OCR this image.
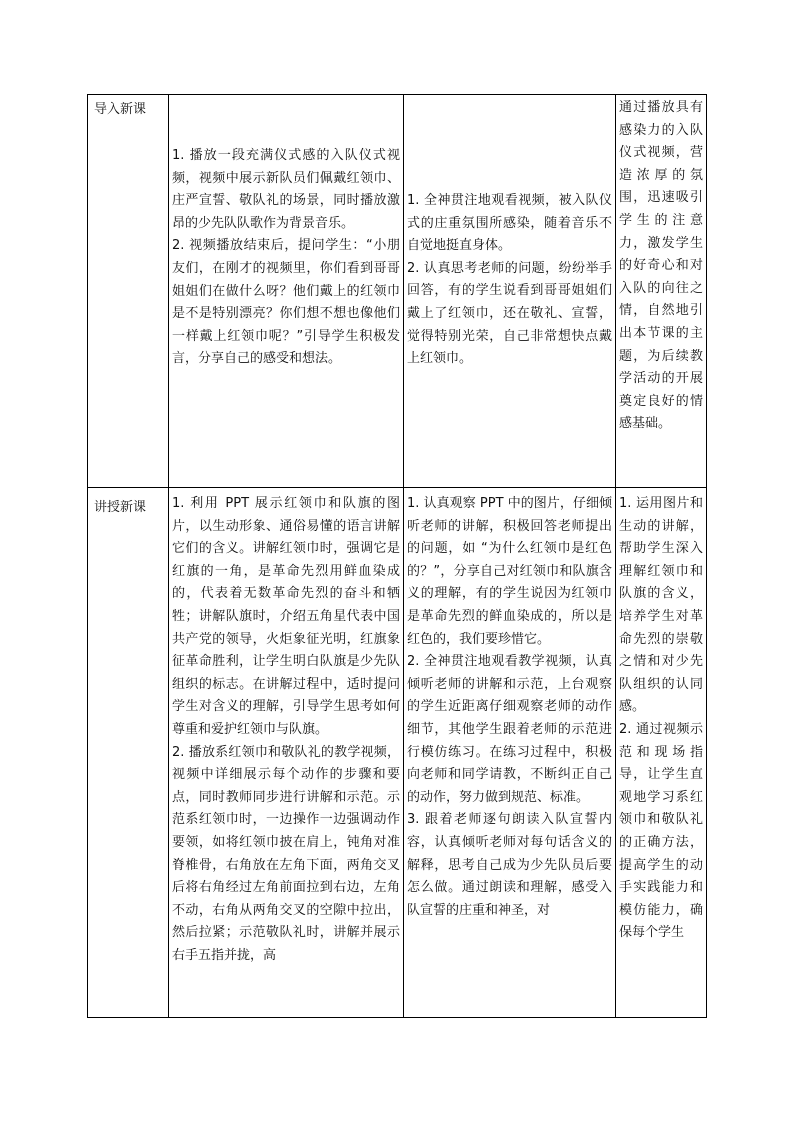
导入新课

1. 播放一段充满仪式感的入队仪式视频，视频中展示新队员们佩戴红领巾、庄严宣誓、敬队礼的场景，同时播放激昂的少先队队歌作为背景音乐。

2. 视频播放结束后，提问学生：“小朋友们，在刚才的视频里，你们看到哥哥姐姐们在做什么呀？他们戴上的红领巾是不是特别漂亮？你们想不想也像他们一样戴上红领巾呢？”引导学生积极发言，分享自己的感受和想法。

1. 全神贯注地观看视频，被入队仪式的庄重氛围所感染，随着音乐不自觉地挺直身体。

2. 认真思考老师的问题，纷纷举手回答，有的学生说看到哥哥姐姐们戴上了红领巾，还在敬礼、宣誓，觉得特别光荣，自己非常想快点戴上红领巾。

通过播放具有感染力的入队仪式视频，营造浓厚的氛围，迅速吸引学生的注意力，激发学生的好奇心和对入队的向往之情，自然地引出本节课的主题，为后续教学活动的开展奠定良好的情感基础。

讲授新课	1. 利用 PPT 展示红领巾和队旗的图片，以生动形象、通俗易懂的语言讲解它们的含义。讲解红领巾时，强调它是红旗的一角，是革命先烈用鲜血染成的，代表着无数革命先烈的奋斗和牺牲；讲解队旗时，介绍五角星代表中国共产党的领导，火炬象征光明，红旗象征革命胜利，让学生明白队旗是少先队组织的标志。在讲解过程中，适时提问学生对含义的理解，引导学生思考如何尊重和爱护红领巾与队旗。

2. 播放系红领巾和敬队礼的教学视频，视频中详细展示每个动作的步骤和要点，同时教师同步进行讲解和示范。示范系红领巾时，一边操作一边强调动作要领，如将红领巾披在肩上，钝角对准脊椎骨，右角放在左角下面，两角交叉后将右角经过左角前面拉到右边，左角不动，右角从两角交叉的空隙中拉出，然后拉紧；示范敬队礼时，讲解并展示右手五指并拢，高

1. 认真观察 PPT 中的图片，仔细倾听老师的讲解，积极回答老师提出的问题，如 “为什么红领巾是红色的？”，分享自己对红领巾和队旗含义的理解，有的学生说因为红领巾是革命先烈的鲜血染成的，所以是红色的，我们要珍惜它。

2. 全神贯注地观看教学视频，认真倾听老师的讲解和示范，上台观察的学生近距离仔细观察老师的动作细节，其他学生跟着老师的示范进行模仿练习。在练习过程中，积极向老师和同学请教，不断纠正自己的动作，努力做到规范、标准。

3. 跟着老师逐句朗读入队宣誓内容，认真倾听老师对每句话含义的解释，思考自己成为少先队员后要怎么做。通过朗读和理解，感受入队宣誓的庄重和神圣，对

1. 运用图片和生动的讲解，帮助学生深入理解红领巾和队旗的含义，培养学生对革命先烈的崇敬之情和对少先队组织的认同感。

2. 通过视频示范和现场指导，让学生直观地学习系红领巾和敬队礼的正确方法，提高学生的动手实践能力和模仿能力，确保每个学生
